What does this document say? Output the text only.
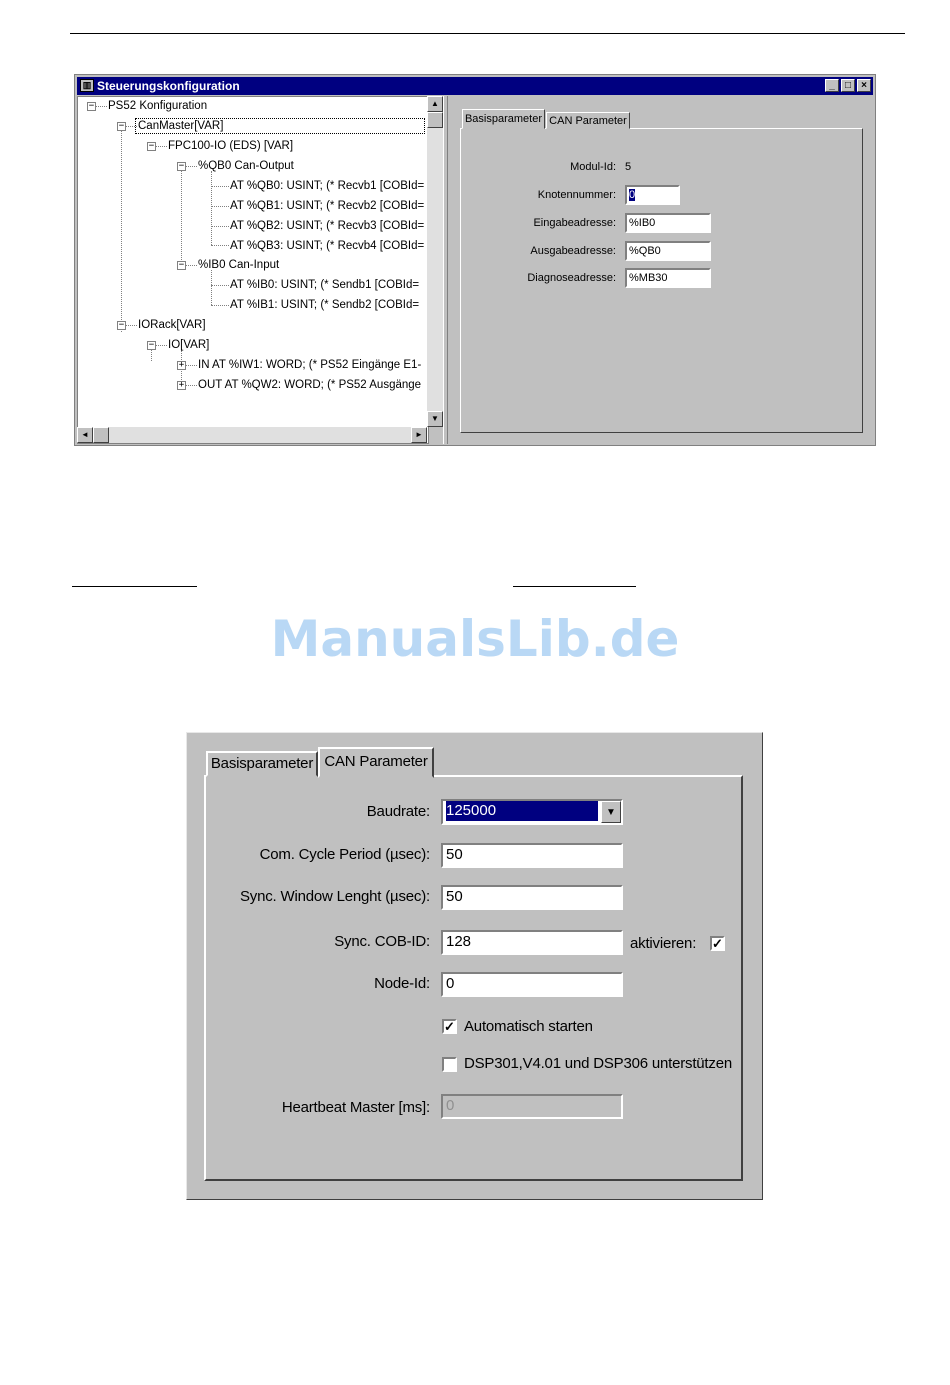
▥ Steuerungskonfiguration	_	□	×
− PS52 Konfiguration
− CanMaster[VAR]
− FPC100-IO (EDS) [VAR]
− %QB0 Can-Output
AT %QB0: USINT; (* Recvb1 [COBId=
AT %QB1: USINT; (* Recvb2 [COBId=
AT %QB2: USINT; (* Recvb3 [COBId=
AT %QB3: USINT; (* Recvb4 [COBId=
− %IB0 Can-Input
AT %IB0: USINT; (* Sendb1 [COBId=
AT %IB1: USINT; (* Sendb2 [COBId=
− IORack[VAR]
− IO[VAR]
+ IN AT %IW1: WORD; (* PS52 Eingänge E1-
+ OUT AT %QW2: WORD; (* PS52 Ausgänge
▲
▼
◄	►
Basisparameter CAN Parameter
Modul-Id: 5
Knotennummer:	0
Eingabeadresse:	%IB0
Ausgabeadresse:	%QB0
Diagnoseadresse:	%MB30
ManualsLib.de
Basisparameter CAN Parameter
Baudrate:	125000	▼
Com. Cycle Period (µsec):	50
Sync. Window Lenght (µsec):	50
Sync. COB-ID:	128	aktivieren: ✓
Node-Id:	0
✓ Automatisch starten
DSP301,V4.01 und DSP306 unterstützen
Heartbeat Master [ms]:	0
